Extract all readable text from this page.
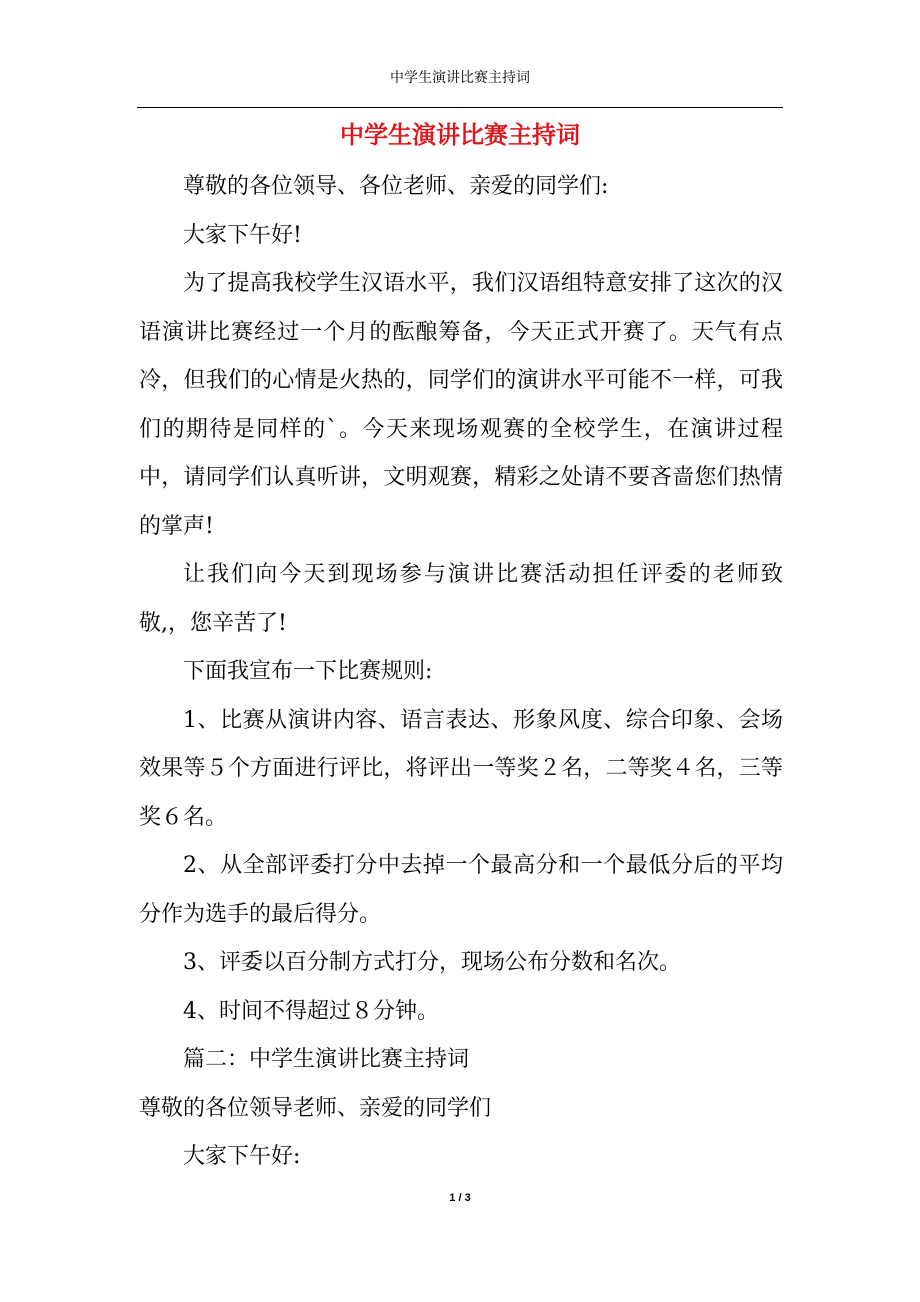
中学生演讲比赛主持词
中学生演讲比赛主持词

尊敬的各位领导、各位老师、亲爱的同学们:

大家下午好!

为了提高我校学生汉语水平，我们汉语组特意安排了这次的汉语演讲比赛经过一个月的酝酿筹备，今天正式开赛了。天气有点冷，但我们的心情是火热的，同学们的演讲水平可能不一样，可我们的期待是同样的`。今天来现场观赛的全校学生，在演讲过程中，请同学们认真听讲，文明观赛，精彩之处请不要吝啬您们热情的掌声!

让我们向今天到现场参与演讲比赛活动担任评委的老师致敬,，您辛苦了!

下面我宣布一下比赛规则:

1、比赛从演讲内容、语言表达、形象风度、综合印象、会场效果等５个方面进行评比，将评出一等奖２名，二等奖４名，三等奖６名。

2、从全部评委打分中去掉一个最高分和一个最低分后的平均分作为选手的最后得分。

3、评委以百分制方式打分，现场公布分数和名次。

4、时间不得超过８分钟。

篇二：中学生演讲比赛主持词

尊敬的各位领导老师、亲爱的同学们

大家下午好:

1 / 3
